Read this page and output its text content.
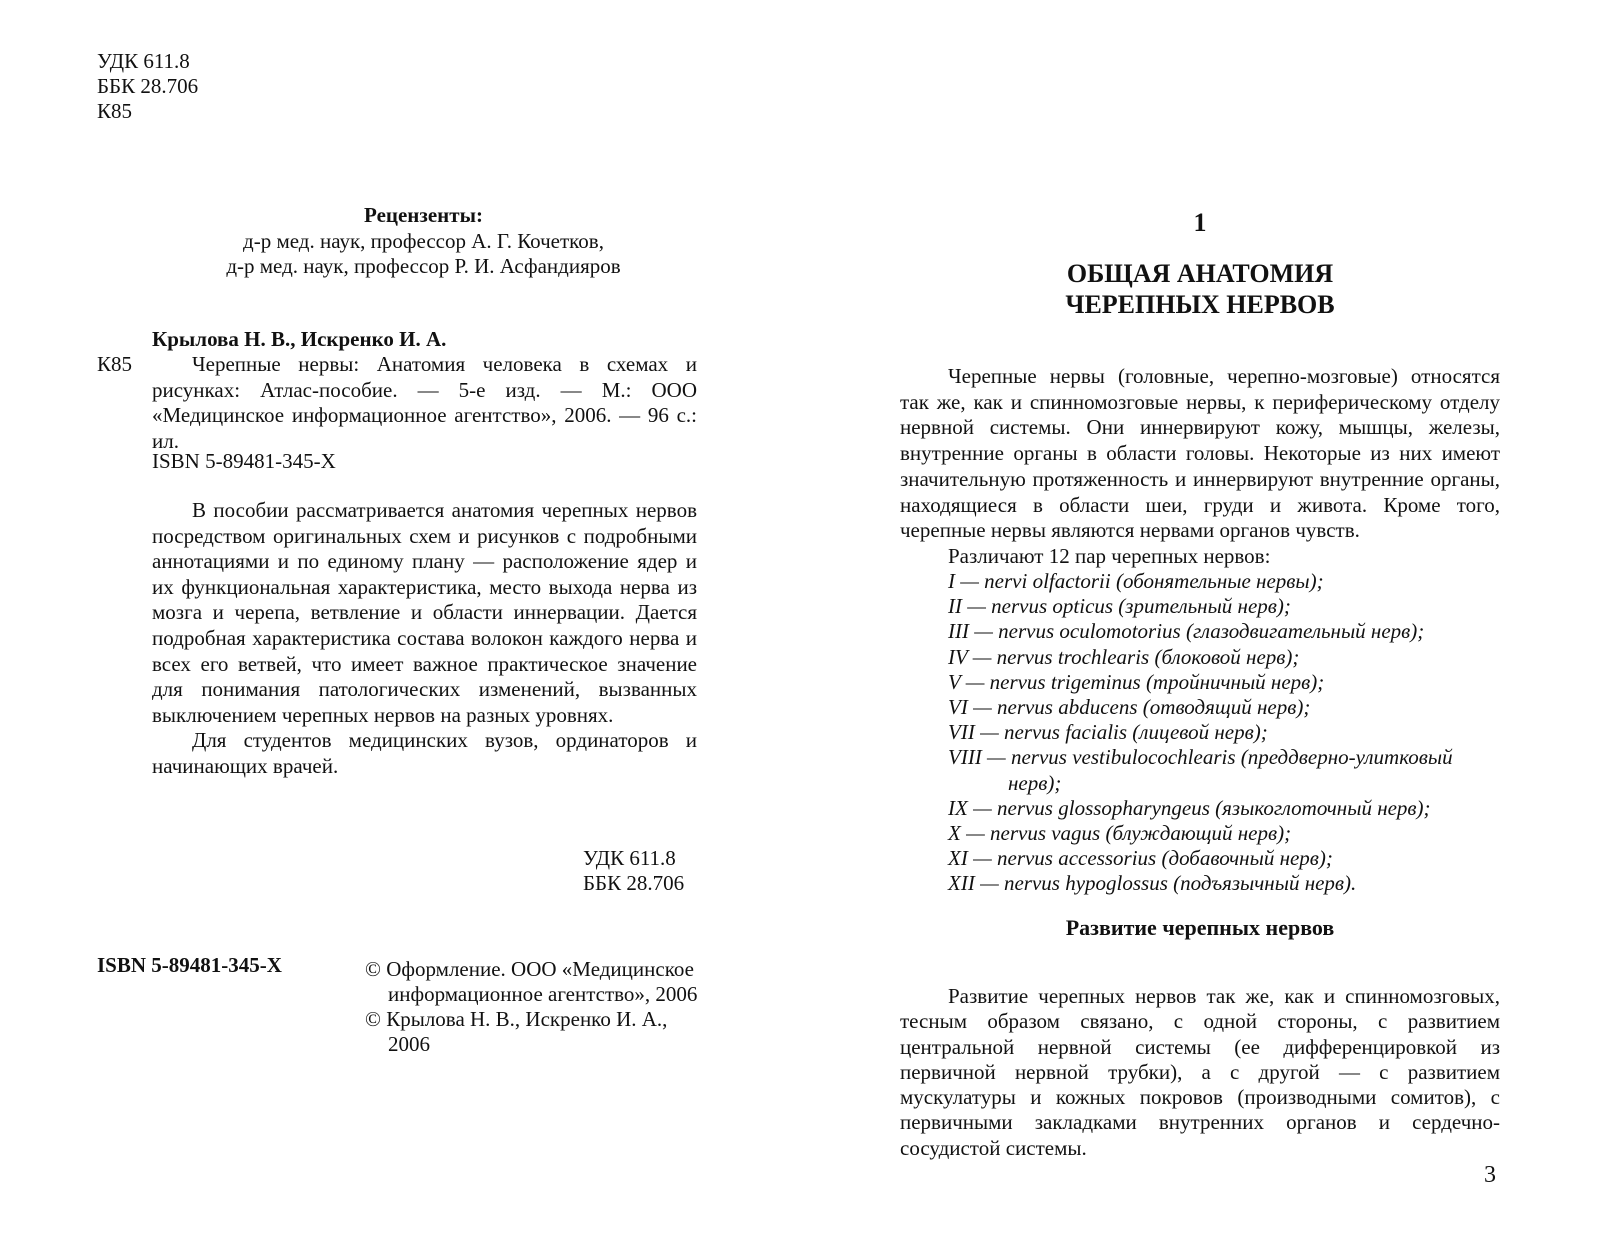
УДК 611.8
ББК 28.706
К85
Рецензенты:
д-р мед. наук, профессор А. Г. Кочетков,
д-р мед. наук, профессор Р. И. Асфандияров
Крылова Н. В., Искренко И. А.
К85	Черепные нервы: Анатомия человека в схемах и рисунках: Атлас-пособие. — 5-е изд. — М.: ООО «Медицинское информационное агентство», 2006. — 96 с.: ил.
ISBN 5-89481-345-X

В пособии рассматривается анатомия черепных нервов посредством оригинальных схем и рисунков с подробными аннотациями и по единому плану — расположение ядер и их функциональная характеристика, место выхода нерва из мозга и черепа, ветвление и области иннервации. Дается подробная характеристика состава волокон каждого нерва и всех его ветвей, что имеет важное практическое значение для понимания патологических изменений, вызванных выключением черепных нервов на разных уровнях.

Для студентов медицинских вузов, ординаторов и начинающих врачей.

УДК 611.8
ББК 28.706
ISBN 5-89481-345-X	© Оформление. ООО «Медицинское информационное агентство», 2006
© Крылова Н. В., Искренко И. А., 2006
1
ОБЩАЯ АНАТОМИЯ
ЧЕРЕПНЫХ НЕРВОВ

Черепные нервы (головные, черепно-мозговые) относятся так же, как и спинномозговые нервы, к периферическому отделу нервной системы. Они иннервируют кожу, мышцы, железы, внутренние органы в области головы. Некоторые из них имеют значительную протяженность и иннервируют внутренние органы, находящиеся в области шеи, груди и живота. Кроме того, черепные нервы являются нервами органов чувств.

Различают 12 пар черепных нервов:

I — nervi olfactorii (обонятельные нервы);
II — nervus opticus (зрительный нерв);
III — nervus oculomotorius (глазодвигательный нерв);
IV — nervus trochlearis (блоковой нерв);
V — nervus trigeminus (тройничный нерв);
VI — nervus abducens (отводящий нерв);
VII — nervus facialis (лицевой нерв);
VIII — nervus vestibulocochlearis (преддверно-улитковый нерв);
IX — nervus glossopharyngeus (языкоглоточный нерв);
X — nervus vagus (блуждающий нерв);
XI — nervus accessorius (добавочный нерв);
XII — nervus hypoglossus (подъязычный нерв).
Развитие черепных нервов

Развитие черепных нервов так же, как и спинномозговых, тесным образом связано, с одной стороны, с развитием центральной нервной системы (ее дифференцировкой из первичной нервной трубки), а с другой — с развитием мускулатуры и кожных покровов (производными сомитов), с первичными закладками внутренних органов и сердечно-сосудистой системы.

3
